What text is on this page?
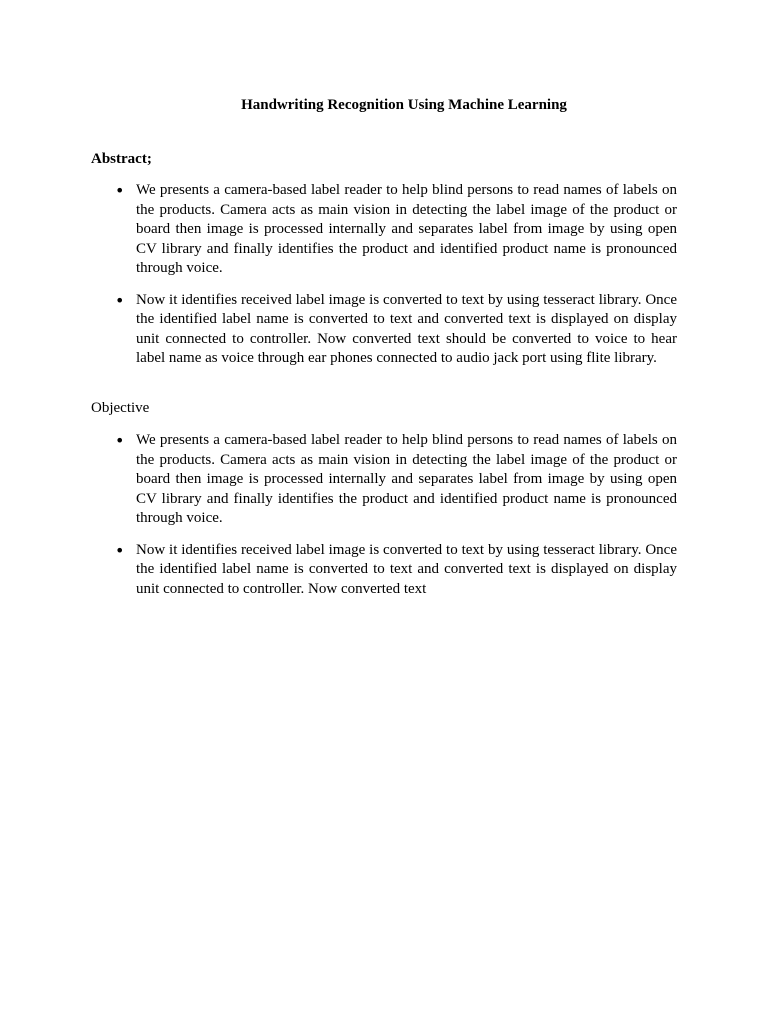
Handwriting Recognition Using Machine Learning

Abstract;

• We presents a camera-based label reader to help blind persons to read names of labels on the products. Camera acts as main vision in detecting the label image of the product or board then image is processed internally and separates label from image by using open CV library and finally identifies the product and identified product name is pronounced through voice.

• Now it identifies received label image is converted to text by using tesseract library. Once the identified label name is converted to text and converted text is displayed on display unit connected to controller. Now converted text should be converted to voice to hear label name as voice through ear phones connected to audio jack port using flite library.

Objective

• We presents a camera-based label reader to help blind persons to read names of labels on the products. Camera acts as main vision in detecting the label image of the product or board then image is processed internally and separates label from image by using open CV library and finally identifies the product and identified product name is pronounced through voice.

• Now it identifies received label image is converted to text by using tesseract library. Once the identified label name is converted to text and converted text is displayed on display unit connected to controller. Now converted text
